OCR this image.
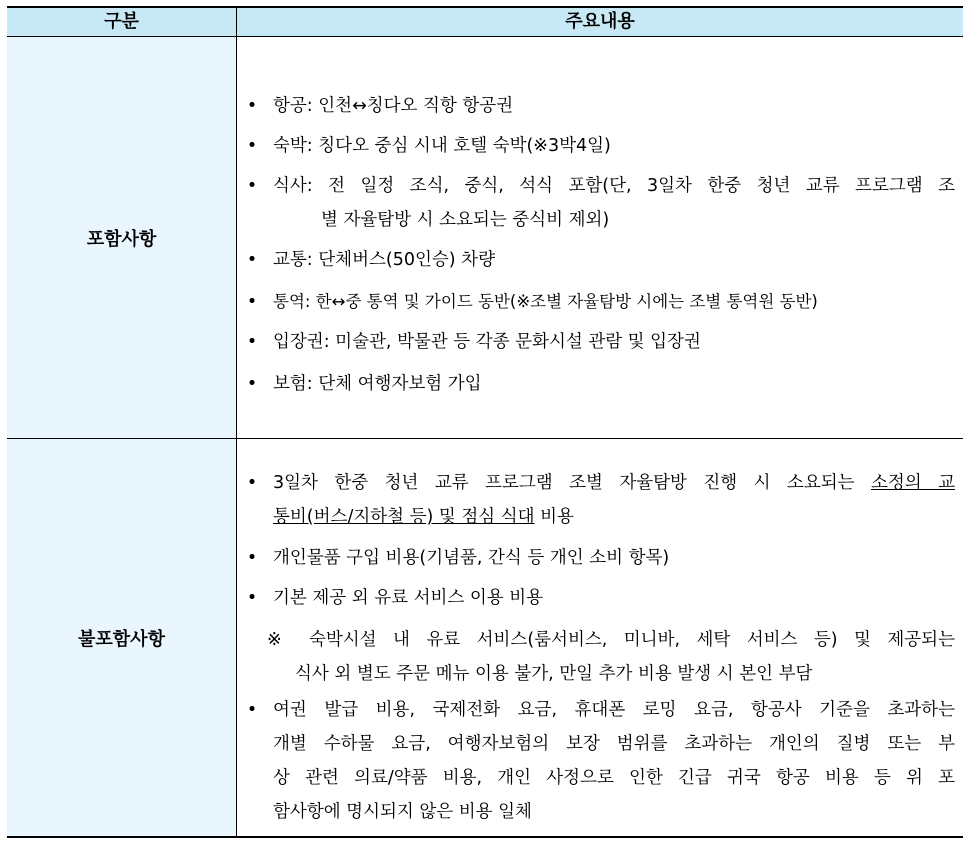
구분	주요내용
포함사항
• 항공: 인천↔칭다오 직항 항공권
• 숙박: 칭다오 중심 시내 호텔 숙박(※3박4일)
• 식사: 전 일정 조식, 중식, 석식 포함(단, 3일차 한중 청년 교류 프로그램 조
별 자율탐방 시 소요되는 중식비 제외)
• 교통: 단체버스(50인승) 차량
• 통역: 한↔중 통역 및 가이드 동반(※조별 자율탐방 시에는 조별 통역원 동반)
• 입장권: 미술관, 박물관 등 각종 문화시설 관람 및 입장권
• 보험: 단체 여행자보험 가입
불포함사항
• 3일차 한중 청년 교류 프로그램 조별 자율탐방 진행 시 소요되는 소정의 교
통비(버스/지하철 등) 및 점심 식대 비용
• 개인물품 구입 비용(기념품, 간식 등 개인 소비 항목)
• 기본 제공 외 유료 서비스 이용 비용
※ 숙박시설 내 유료 서비스(룸서비스, 미니바, 세탁 서비스 등) 및 제공되는
식사 외 별도 주문 메뉴 이용 불가, 만일 추가 비용 발생 시 본인 부담
• 여권 발급 비용, 국제전화 요금, 휴대폰 로밍 요금, 항공사 기준을 초과하는
개별 수하물 요금, 여행자보험의 보장 범위를 초과하는 개인의 질병 또는 부
상 관련 의료/약품 비용, 개인 사정으로 인한 긴급 귀국 항공 비용 등 위 포
함사항에 명시되지 않은 비용 일체
